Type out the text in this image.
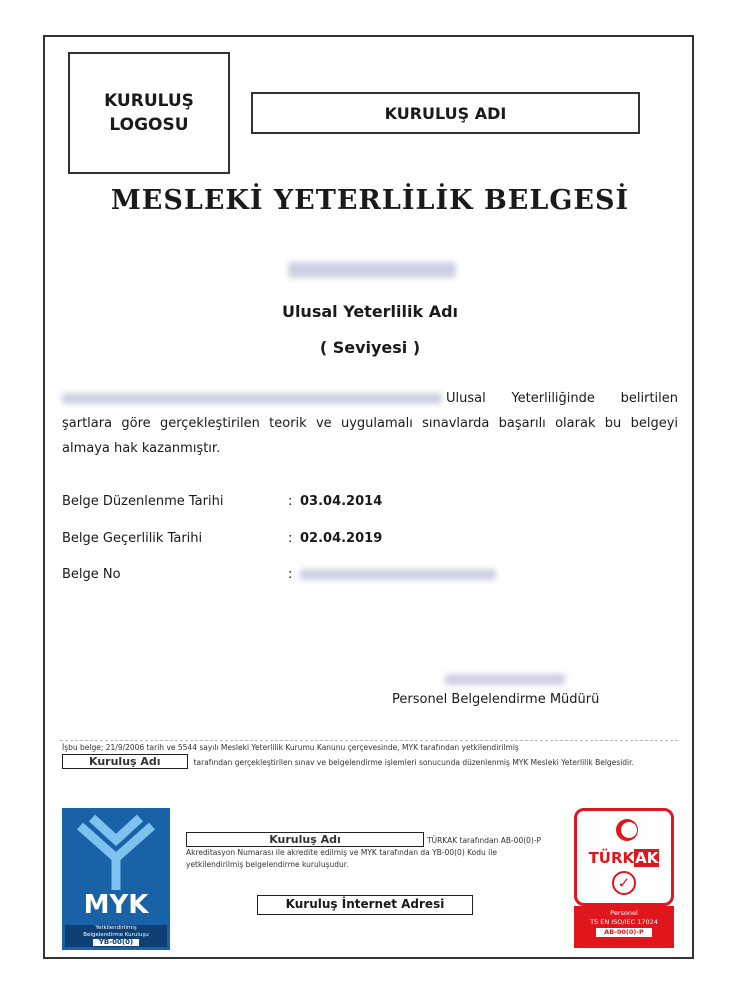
KURULUŞ
LOGOSU
KURULUŞ ADI
MESLEKİ YETERLİLİK BELGESİ
Ulusal Yeterlilik Adı
( Seviyesi )
Ulusal Yeterliliğinde belirtilen şartlara göre gerçekleştirilen teorik ve uygulamalı sınavlarda başarılı olarak bu belgeyi almaya hak kazanmıştır.
Belge Düzenlenme Tarihi	: 03.04.2014
Belge Geçerlilik Tarihi	: 02.04.2019
Belge No	:
Personel Belgelendirme Müdürü
İşbu belge; 21/9/2006 tarih ve 5544 sayılı Mesleki Yeterlilik Kurumu Kanunu çerçevesinde, MYK tarafından yetkilendirilmiş
Kuruluş Adı	tarafından gerçekleştirilen sınav ve belgelendirme işlemleri sonucunda düzenlenmiş MYK Mesleki Yeterlilik Belgesidir.
MYK
Yetkilendirilmiş
Belgelendirme Kuruluşu
YB-00(0)
Kuruluş Adı	TÜRKAK tarafından AB-00(0)-P Akreditasyon Numarası ile akredite edilmiş ve MYK tarafından da YB-00(0) Kodu ile yetkilendirilmiş belgelendirme kuruluşudur.
Kuruluş İnternet Adresi
TÜRKAK
✓
Personel
TS EN ISO/IEC 17024
AB-00(0)-P
